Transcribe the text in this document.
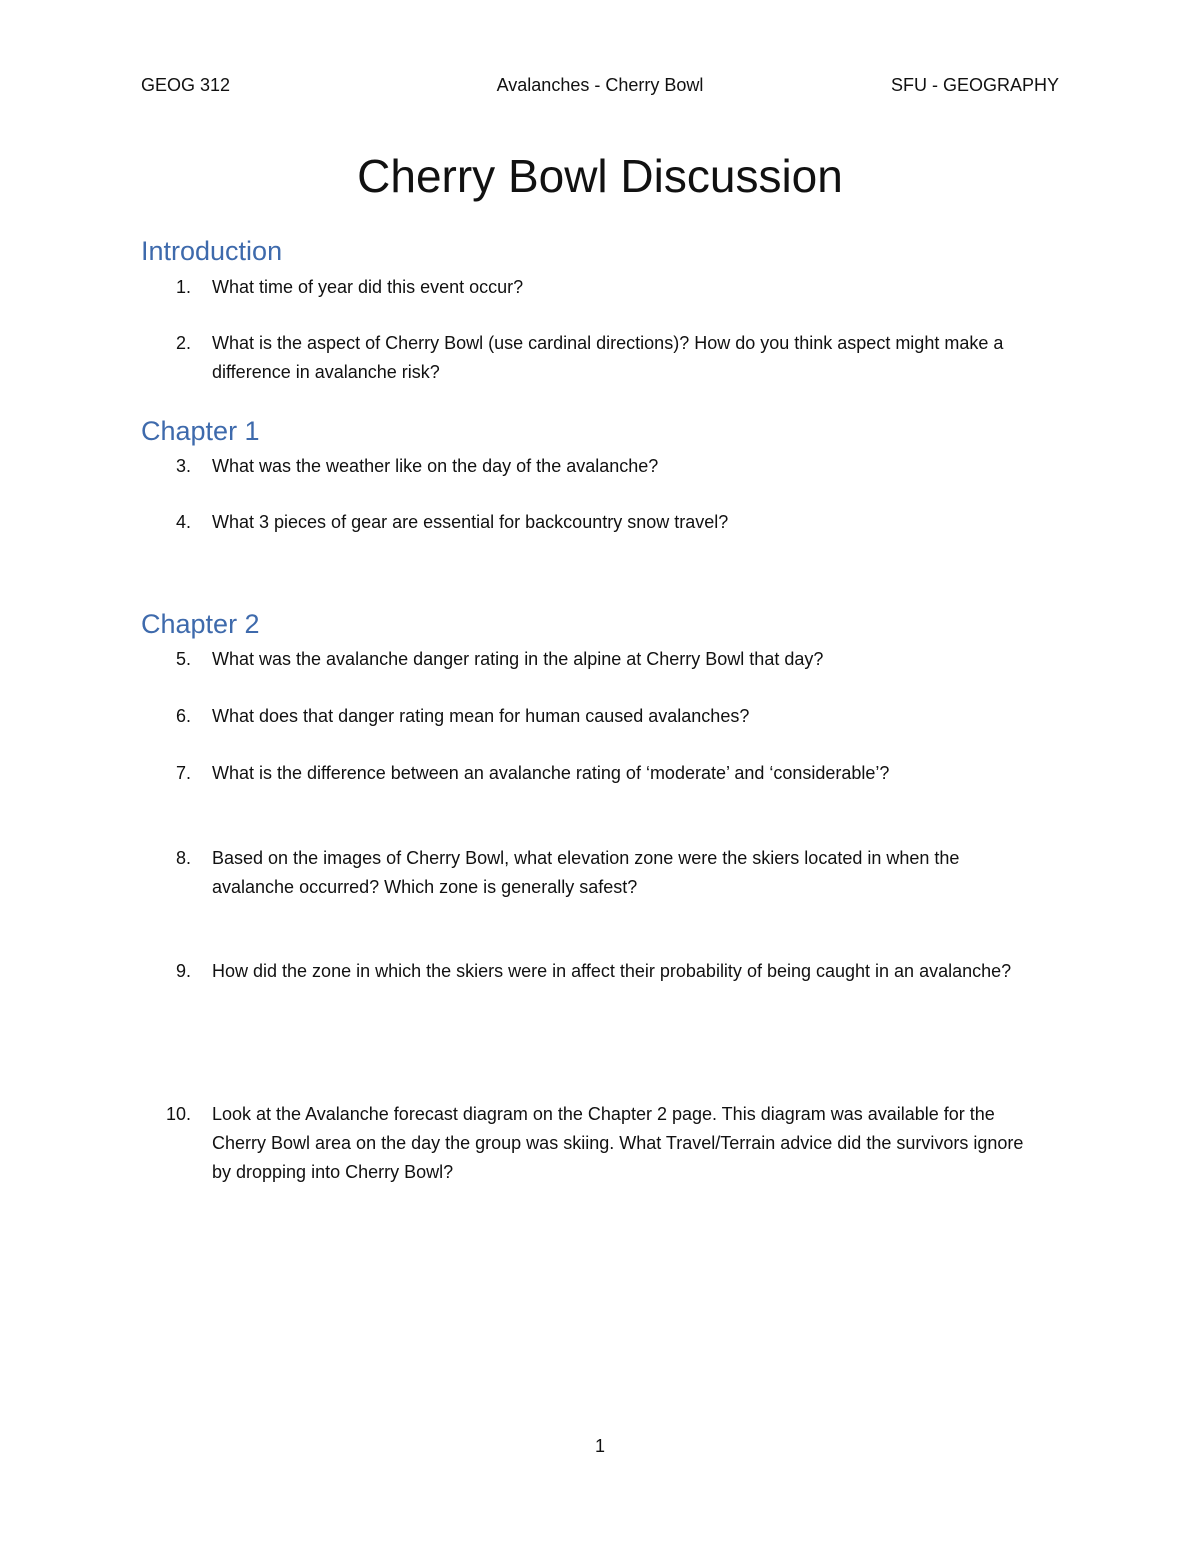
GEOG 312	Avalanches - Cherry Bowl	SFU - GEOGRAPHY
Cherry Bowl Discussion
Introduction
1. What time of year did this event occur?
2. What is the aspect of Cherry Bowl (use cardinal directions)? How do you think aspect might make a difference in avalanche risk?
Chapter 1
3. What was the weather like on the day of the avalanche?
4. What 3 pieces of gear are essential for backcountry snow travel?
Chapter 2
5. What was the avalanche danger rating in the alpine at Cherry Bowl that day?
6. What does that danger rating mean for human caused avalanches?
7. What is the difference between an avalanche rating of ‘moderate’ and ‘considerable’?
8. Based on the images of Cherry Bowl, what elevation zone were the skiers located in when the avalanche occurred? Which zone is generally safest?
9. How did the zone in which the skiers were in affect their probability of being caught in an avalanche?
10. Look at the Avalanche forecast diagram on the Chapter 2 page. This diagram was available for the Cherry Bowl area on the day the group was skiing. What Travel/Terrain advice did the survivors ignore by dropping into Cherry Bowl?
1
